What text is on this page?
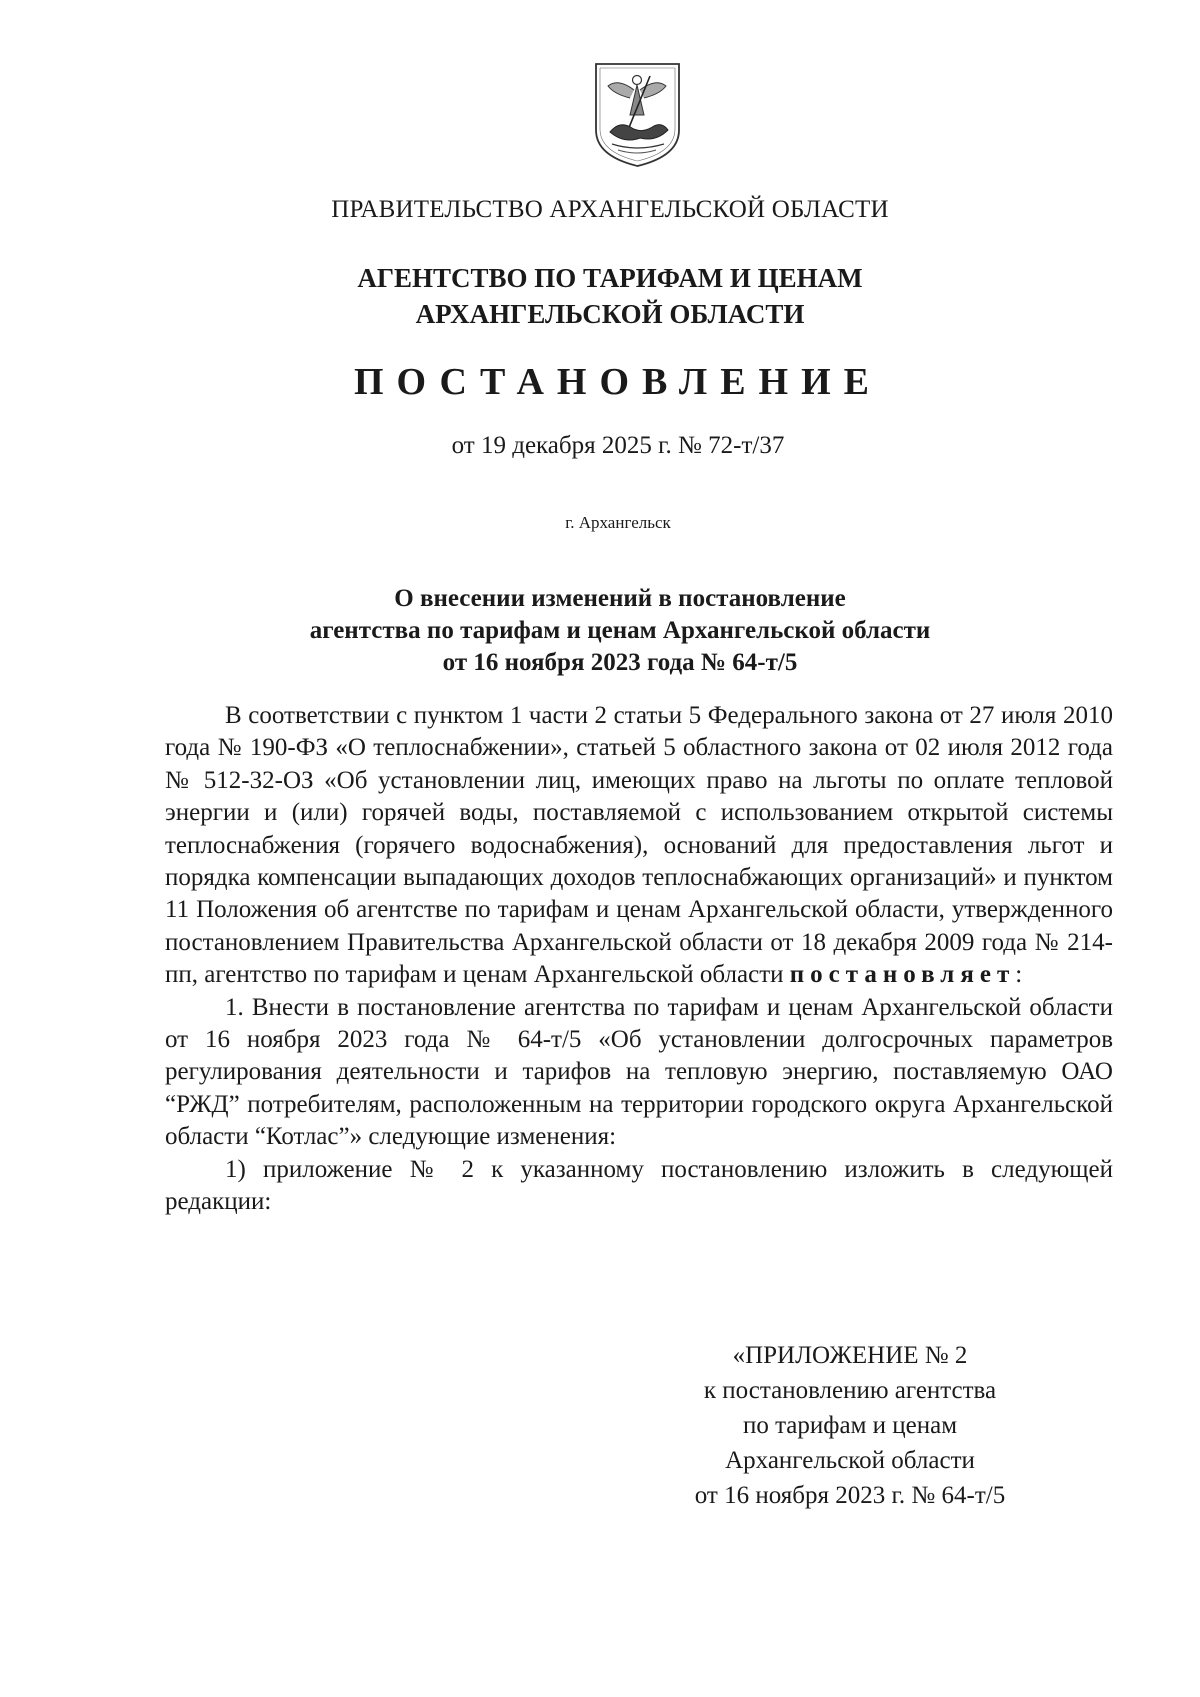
ПРАВИТЕЛЬСТВО АРХАНГЕЛЬСКОЙ ОБЛАСТИ
АГЕНТСТВО ПО ТАРИФАМ И ЦЕНАМ
АРХАНГЕЛЬСКОЙ ОБЛАСТИ
ПОСТАНОВЛЕНИЕ
от 19 декабря 2025 г. № 72-т/37
г. Архангельск
О внесении изменений в постановление
агентства по тарифам и ценам Архангельской области
от 16 ноября 2023 года № 64-т/5

В соответствии с пунктом 1 части 2 статьи 5 Федерального закона от 27 июля 2010 года № 190-ФЗ «О теплоснабжении», статьей 5 областного закона от 02 июля 2012 года № 512-32-ОЗ «Об установлении лиц, имеющих право на льготы по оплате тепловой энергии и (или) горячей воды, поставляемой с использованием открытой системы теплоснабжения (горячего водоснабжения), оснований для предоставления льгот и порядка компенсации выпадающих доходов теплоснабжающих организаций» и пунктом 11 Положения об агентстве по тарифам и ценам Архангельской области, утвержденного постановлением Правительства Архангельской области от 18 декабря 2009 года № 214-пп, агентство по тарифам и ценам Архангельской области постановляет:

1. Внести в постановление агентства по тарифам и ценам Архангельской области от 16 ноября 2023 года № 64-т/5 «Об установлении долгосрочных параметров регулирования деятельности и тарифов на тепловую энергию, поставляемую ОАО “РЖД” потребителям, расположенным на территории городского округа Архангельской области “Котлас”» следующие изменения:

1) приложение № 2 к указанному постановлению изложить в следующей редакции:

«ПРИЛОЖЕНИЕ № 2
к постановлению агентства
по тарифам и ценам
Архангельской области
от 16 ноября 2023 г. № 64-т/5
